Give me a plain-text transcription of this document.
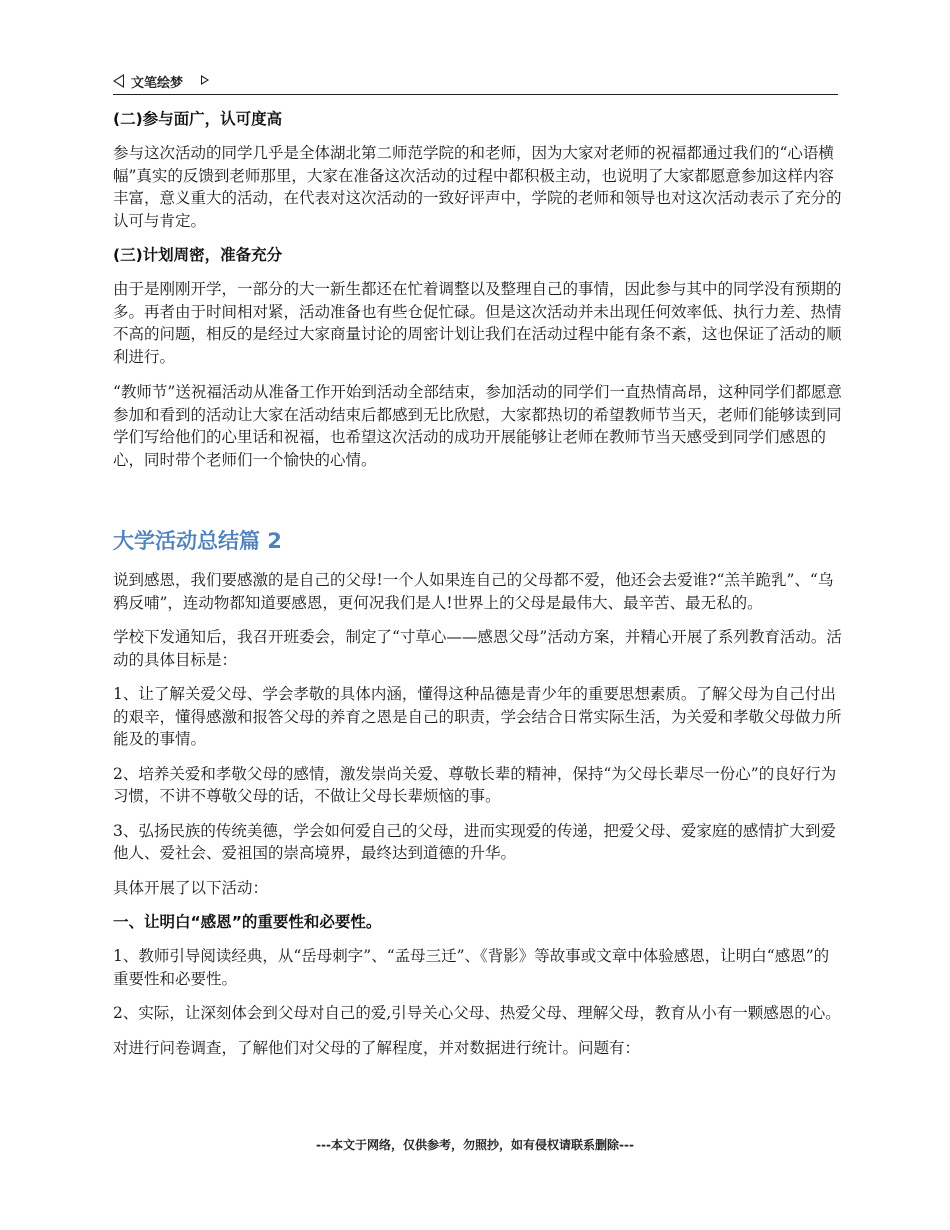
文笔绘梦

(二)参与面广，认可度高

参与这次活动的同学几乎是全体湖北第二师范学院的和老师，因为大家对老师的祝福都通过我们的“心语横幅”真实的反馈到老师那里，大家在准备这次活动的过程中都积极主动，也说明了大家都愿意参加这样内容丰富，意义重大的活动，在代表对这次活动的一致好评声中，学院的老师和领导也对这次活动表示了充分的认可与肯定。

(三)计划周密，准备充分

由于是刚刚开学，一部分的大一新生都还在忙着调整以及整理自己的事情，因此参与其中的同学没有预期的多。再者由于时间相对紧，活动准备也有些仓促忙碌。但是这次活动并未出现任何效率低、执行力差、热情不高的问题，相反的是经过大家商量讨论的周密计划让我们在活动过程中能有条不紊，这也保证了活动的顺利进行。

“教师节”送祝福活动从准备工作开始到活动全部结束，参加活动的同学们一直热情高昂，这种同学们都愿意参加和看到的活动让大家在活动结束后都感到无比欣慰，大家都热切的希望教师节当天，老师们能够读到同学们写给他们的心里话和祝福，也希望这次活动的成功开展能够让老师在教师节当天感受到同学们感恩的心，同时带个老师们一个愉快的心情。

大学活动总结篇 2

说到感恩，我们要感激的是自己的父母!一个人如果连自己的父母都不爱，他还会去爱谁?“羔羊跪乳”、“乌鸦反哺”，连动物都知道要感恩，更何况我们是人!世界上的父母是最伟大、最辛苦、最无私的。

学校下发通知后，我召开班委会，制定了“寸草心——感恩父母”活动方案，并精心开展了系列教育活动。活动的具体目标是：

1、让了解关爱父母、学会孝敬的具体内涵，懂得这种品德是青少年的重要思想素质。了解父母为自己付出的艰辛，懂得感激和报答父母的养育之恩是自己的职责，学会结合日常实际生活，为关爱和孝敬父母做力所能及的事情。

2、培养关爱和孝敬父母的感情，激发崇尚关爱、尊敬长辈的精神，保持“为父母长辈尽一份心”的良好行为习惯，不讲不尊敬父母的话，不做让父母长辈烦恼的事。

3、弘扬民族的传统美德，学会如何爱自己的父母，进而实现爱的传递，把爱父母、爱家庭的感情扩大到爱他人、爱社会、爱祖国的崇高境界，最终达到道德的升华。

具体开展了以下活动：

一、让明白“感恩”的重要性和必要性。

1、教师引导阅读经典，从“岳母刺字”、“孟母三迁”、《背影》等故事或文章中体验感恩，让明白“感恩”的重要性和必要性。

2、实际，让深刻体会到父母对自己的爱,引导关心父母、热爱父母、理解父母，教育从小有一颗感恩的心。

对进行问卷调查，了解他们对父母的了解程度，并对数据进行统计。问题有：

---本文于网络，仅供参考，勿照抄，如有侵权请联系删除---
